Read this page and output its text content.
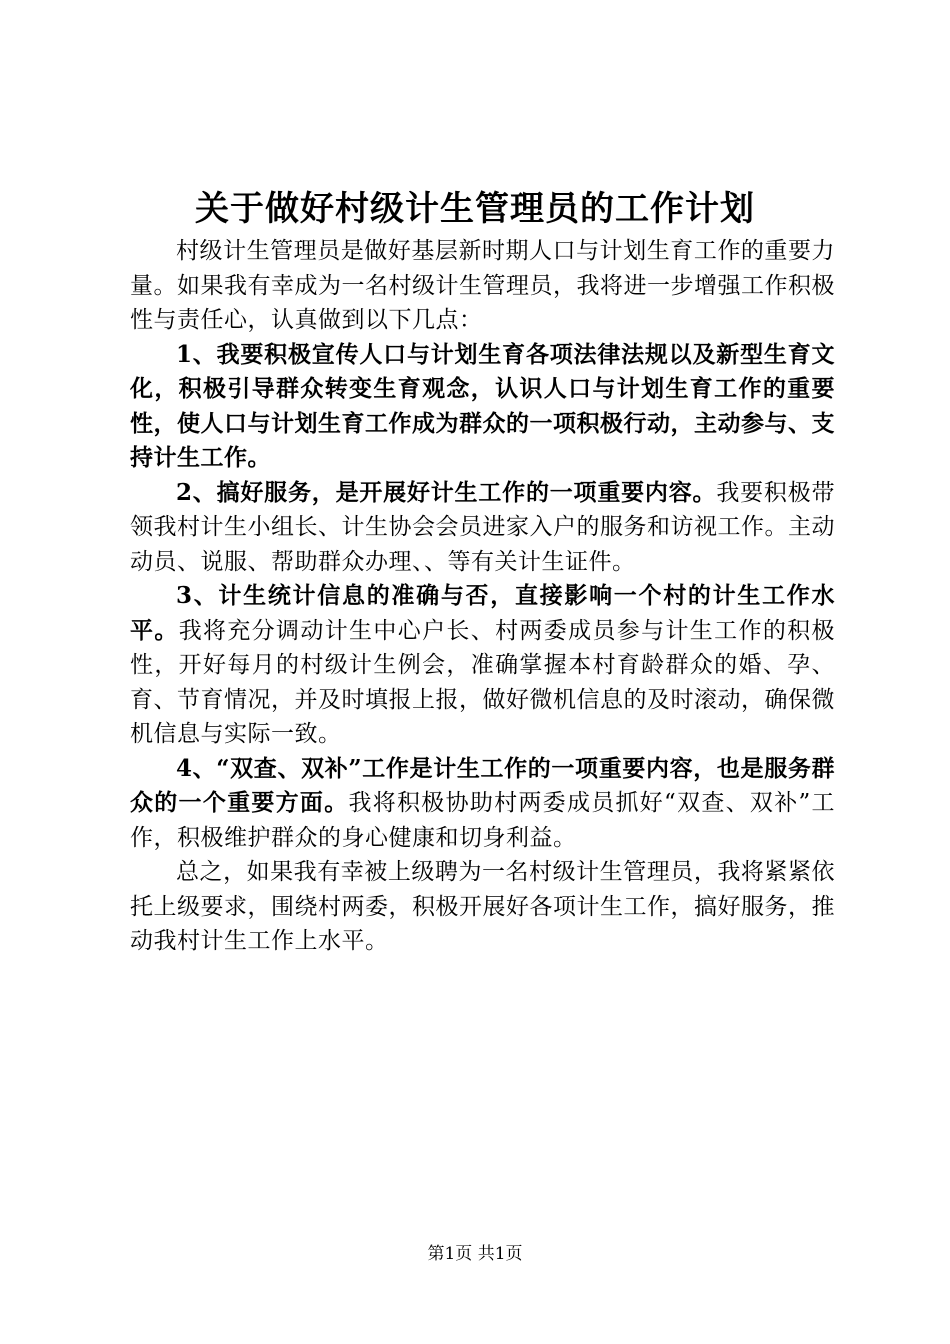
关于做好村级计生管理员的工作计划

村级计生管理员是做好基层新时期人口与计划生育工作的重要力量。如果我有幸成为一名村级计生管理员，我将进一步增强工作积极性与责任心，认真做到以下几点：

1、我要积极宣传人口与计划生育各项法律法规以及新型生育文化，积极引导群众转变生育观念，认识人口与计划生育工作的重要性，使人口与计划生育工作成为群众的一项积极行动，主动参与、支持计生工作。

2、搞好服务，是开展好计生工作的一项重要内容。我要积极带领我村计生小组长、计生协会会员进家入户的服务和访视工作。主动动员、说服、帮助群众办理、、等有关计生证件。

3、计生统计信息的准确与否，直接影响一个村的计生工作水平。我将充分调动计生中心户长、村两委成员参与计生工作的积极性，开好每月的村级计生例会，准确掌握本村育龄群众的婚、孕、育、节育情况，并及时填报上报，做好微机信息的及时滚动，确保微机信息与实际一致。

4、“双查、双补”工作是计生工作的一项重要内容，也是服务群众的一个重要方面。我将积极协助村两委成员抓好“双查、双补”工作，积极维护群众的身心健康和切身利益。

总之，如果我有幸被上级聘为一名村级计生管理员，我将紧紧依托上级要求，围绕村两委，积极开展好各项计生工作，搞好服务，推动我村计生工作上水平。

第1页 共1页
